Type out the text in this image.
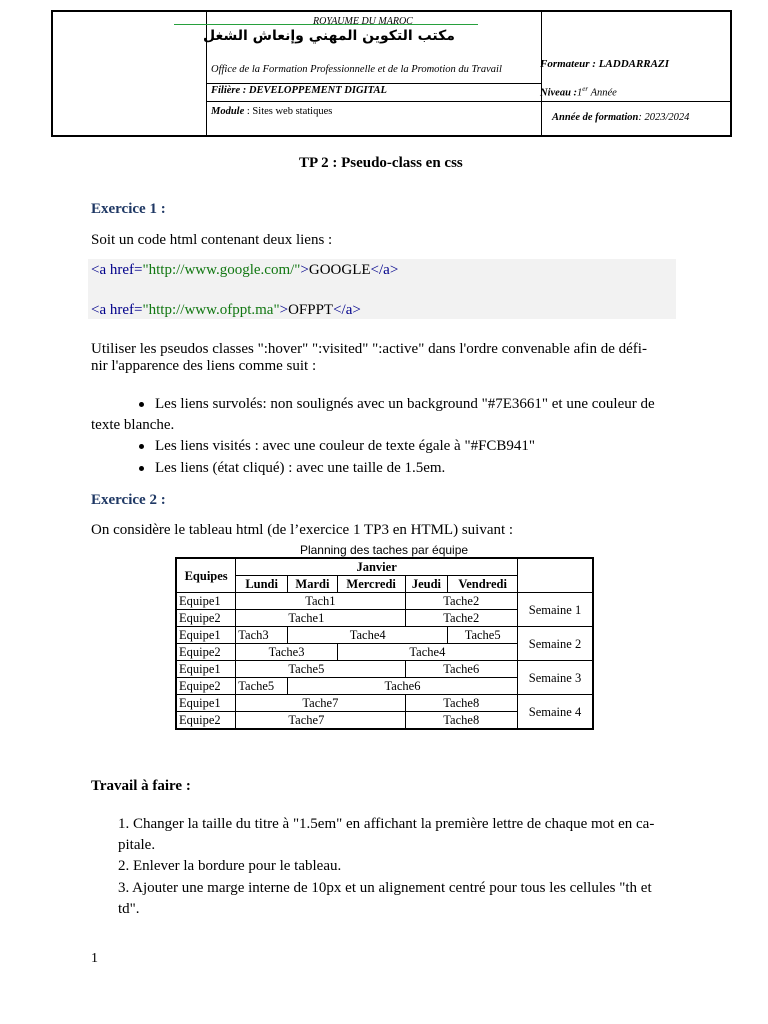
ROYAUME DU MAROC
مكتب التكوين المهني وإنعاش الشغل
Office de la Formation Professionnelle et de la Promotion du Travail	Formateur : LADDARRAZI
Filière : DEVELOPPEMENT DIGITAL	Niveau :1er Année
Module : Sites web statiques
Année de formation: 2023/2024
TP 2 : Pseudo-class en css
Exercice 1 :
Soit un code html contenant deux liens :
<a href="http://www.google.com/">GOOGLE</a>
<a href="http://www.ofppt.ma">OFPPT</a>
Utiliser les pseudos classes ":hover" ":visited" ":active" dans l'ordre convenable afin de défi-
nir l'apparence des liens comme suit :
Les liens survolés: non soulignés avec un background "#7E3661" et une couleur de
texte blanche.
Les liens visités : avec une couleur de texte égale à "#FCB941"
Les liens (état cliqué) : avec une taille de 1.5em.
Exercice 2 :
On considère le tableau html (de l’exercice 1 TP3 en HTML) suivant :
Planning des taches par équipe
Equipes	Janvier					
	Lundi	Mardi	Mercredi	Jeudi	Vendredi	
Equipe1	Tach1			Tache2		Semaine 1
Equipe2	Tache1			Tache2		
Equipe1	Tach3	Tache4			Tache5	Semaine 2
Equipe2	Tache3		Tache4			
Equipe1	Tache5			Tache6		Semaine 3
Equipe2	Tache5	Tache6				
Equipe1	Tache7			Tache8		Semaine 4
Equipe2	Tache7			Tache8		
Travail à faire :
1. Changer la taille du titre à "1.5em" en affichant la première lettre de chaque mot en ca-
pitale.
2. Enlever la bordure pour le tableau.
3. Ajouter une marge interne de 10px et un alignement centré pour tous les cellules "th et
td".
1
